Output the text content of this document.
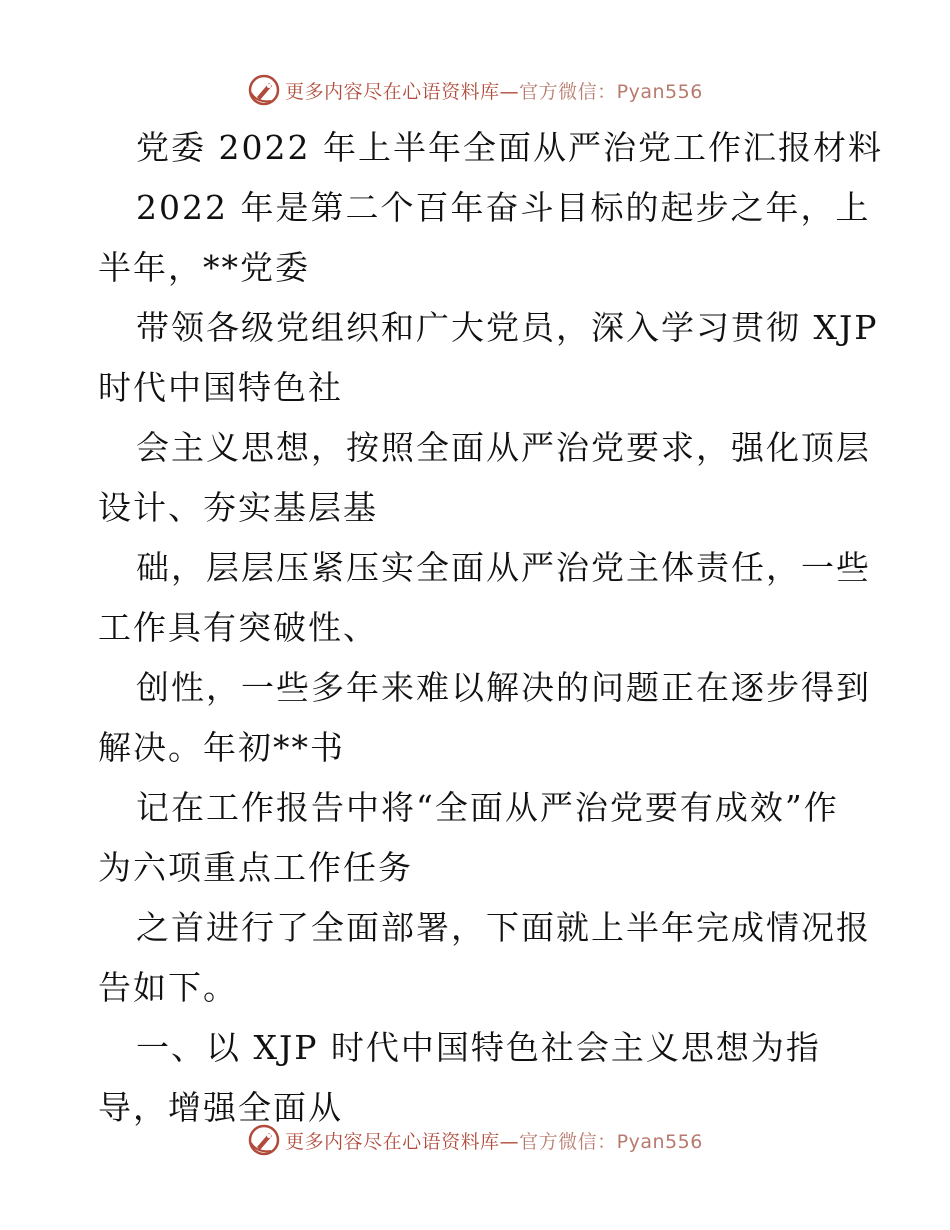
更多内容尽在心语资料库—官方微信：Pyan556
党委 2022 年上半年全面从严治党工作汇报材料
2022 年是第二个百年奋斗目标的起步之年，上
半年，**党委
带领各级党组织和广大党员，深入学习贯彻 XJP
时代中国特色社
会主义思想，按照全面从严治党要求，强化顶层
设计、夯实基层基
础，层层压紧压实全面从严治党主体责任，一些
工作具有突破性、
创性，一些多年来难以解决的问题正在逐步得到
解决。年初**书
记在工作报告中将“全面从严治党要有成效”作
为六项重点工作任务
之首进行了全面部署，下面就上半年完成情况报
告如下。
一、以 XJP 时代中国特色社会主义思想为指
导，增强全面从
更多内容尽在心语资料库—官方微信：Pyan556
